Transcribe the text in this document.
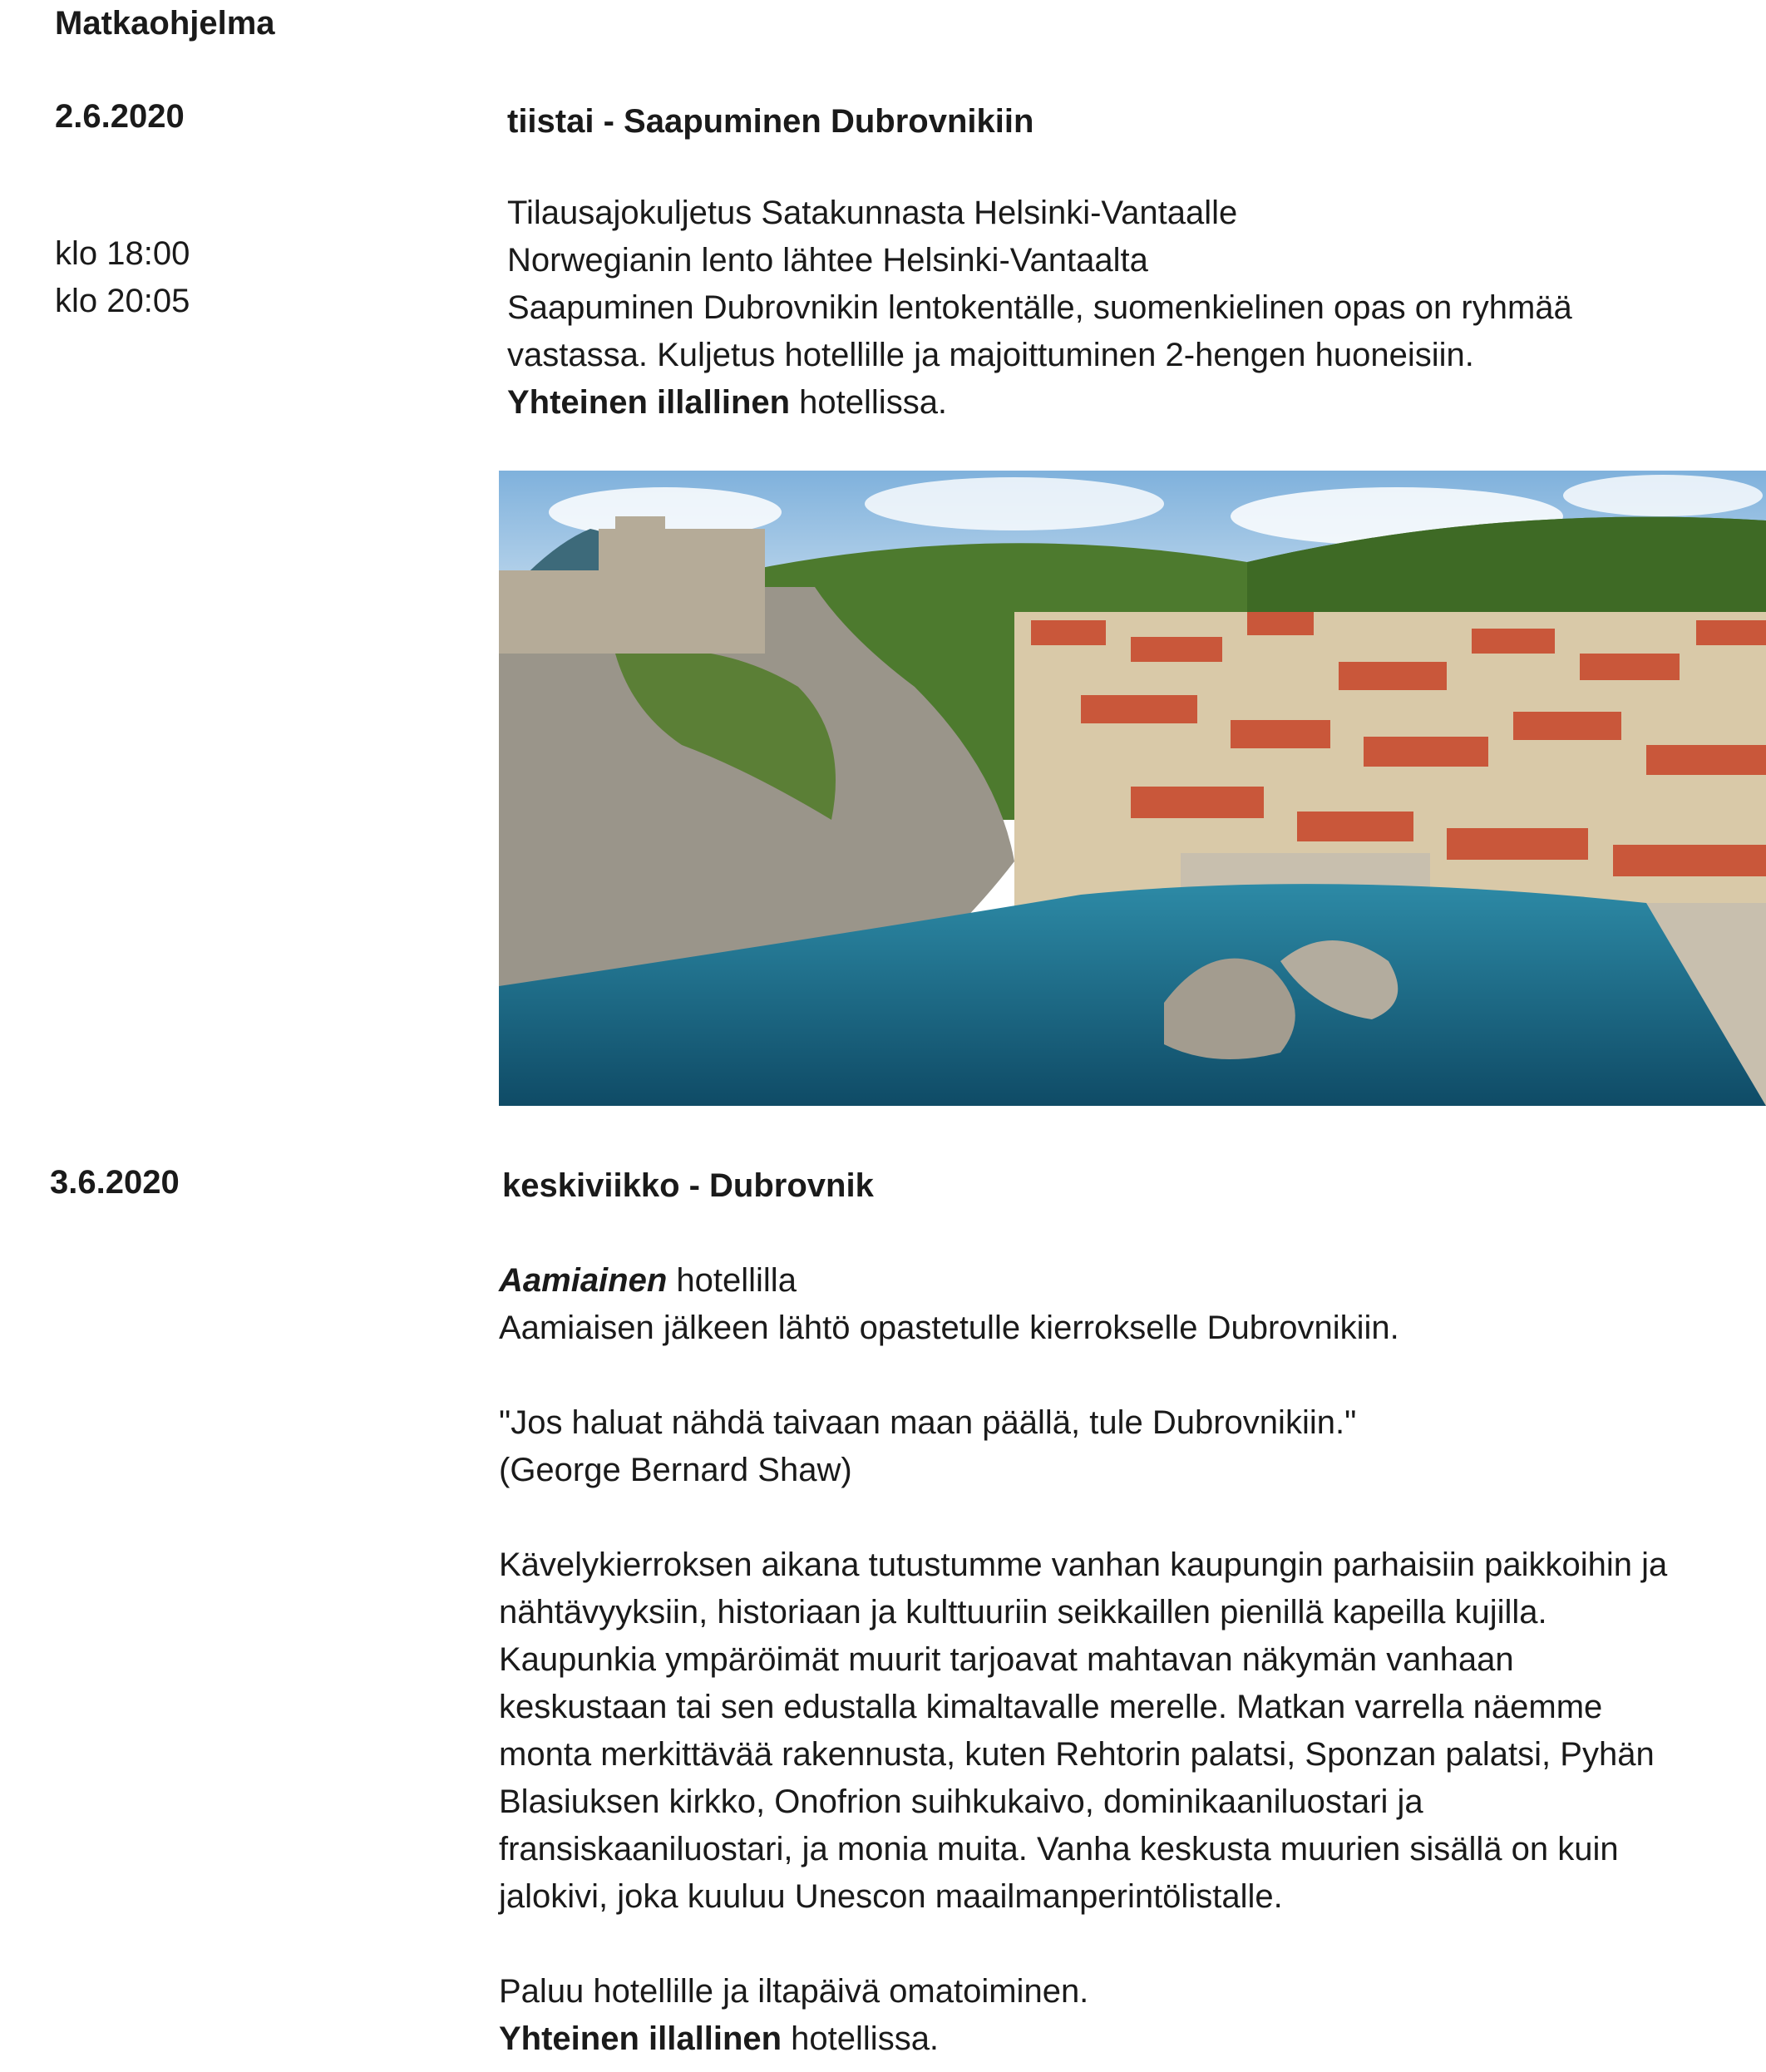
Matkaohjelma
2.6.2020	tiistai - Saapuminen Dubrovnikiin
klo 18:00
klo 20:05
Tilausajokuljetus Satakunnasta Helsinki-Vantaalle
Norwegianin lento lähtee Helsinki-Vantaalta
Saapuminen Dubrovnikin lentokentälle, suomenkielinen opas on ryhmää
vastassa. Kuljetus hotellille ja majoittuminen 2-hengen huoneisiin.
Yhteinen illallinen hotellissa.
3.6.2020	keskiviikko - Dubrovnik
Aamiainen hotellilla
Aamiaisen jälkeen lähtö opastetulle kierrokselle Dubrovnikiin.
"Jos haluat nähdä taivaan maan päällä, tule Dubrovnikiin."
(George Bernard Shaw)
Kävelykierroksen aikana tutustumme vanhan kaupungin parhaisiin paikkoihin ja
nähtävyyksiin, historiaan ja kulttuuriin seikkaillen pienillä kapeilla kujilla.
Kaupunkia ympäröimät muurit tarjoavat mahtavan näkymän vanhaan
keskustaan tai sen edustalla kimaltavalle merelle. Matkan varrella näemme
monta merkittävää rakennusta, kuten Rehtorin palatsi, Sponzan palatsi, Pyhän
Blasiuksen kirkko, Onofrion suihkukaivo, dominikaaniluostari ja
fransiskaaniluostari, ja monia muita. Vanha keskusta muurien sisällä on kuin
jalokivi, joka kuuluu Unescon maailmanperintölistalle.
Paluu hotellille ja iltapäivä omatoiminen.
Yhteinen illallinen hotellissa.
